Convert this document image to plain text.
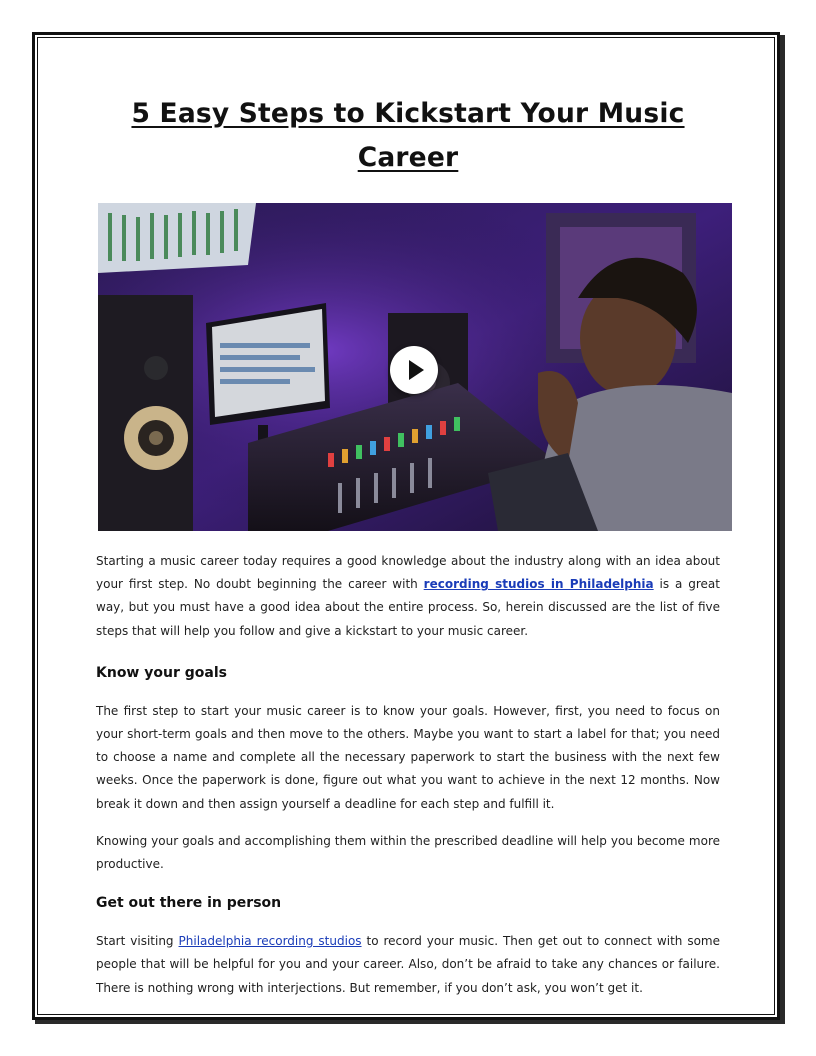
5 Easy Steps to Kickstart Your Music Career

Starting a music career today requires a good knowledge about the industry along with an idea about your first step. No doubt beginning the career with recording studios in Philadelphia is a great way, but you must have a good idea about the entire process. So, herein discussed are the list of five steps that will help you follow and give a kickstart to your music career.

Know your goals

The first step to start your music career is to know your goals. However, first, you need to focus on your short-term goals and then move to the others. Maybe you want to start a label for that; you need to choose a name and complete all the necessary paperwork to start the business with the next few weeks. Once the paperwork is done, figure out what you want to achieve in the next 12 months. Now break it down and then assign yourself a deadline for each step and fulfill it.

Knowing your goals and accomplishing them within the prescribed deadline will help you become more productive.

Get out there in person

Start visiting Philadelphia recording studios to record your music. Then get out to connect with some people that will be helpful for you and your career. Also, don’t be afraid to take any chances or failure. There is nothing wrong with interjections. But remember, if you don’t ask, you won’t get it.
